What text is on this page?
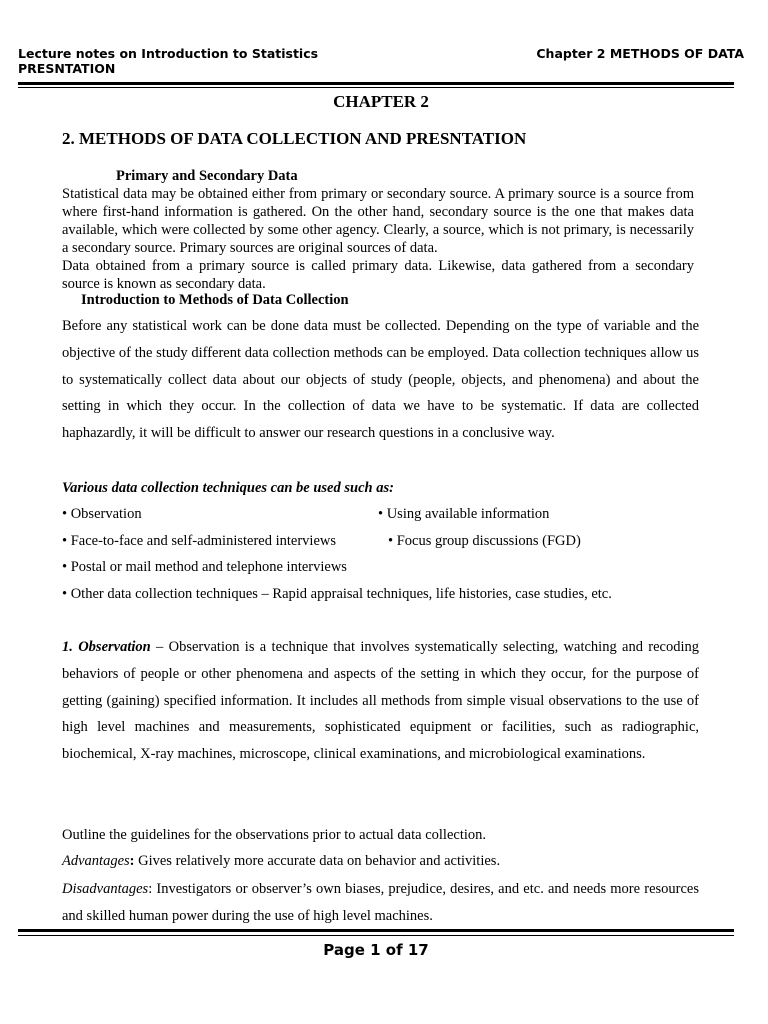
Lecture notes on Introduction to Statistics PRESNTATION
Chapter 2 METHODS OF DATA
CHAPTER 2
2. METHODS OF DATA COLLECTION AND PRESNTATION
Primary and Secondary Data

Statistical data may be obtained either from primary or secondary source. A primary source is a source from where first-hand information is gathered. On the other hand, secondary source is the one that makes data available, which were collected by some other agency. Clearly, a source, which is not primary, is necessarily a secondary source. Primary sources are original sources of data.

Data obtained from a primary source is called primary data. Likewise, data gathered from a secondary source is known as secondary data.

Introduction to Methods of Data Collection

Before any statistical work can be done data must be collected. Depending on the type of variable and the objective of the study different data collection methods can be employed. Data collection techniques allow us to systematically collect data about our objects of study (people, objects, and phenomena) and about the setting in which they occur. In the collection of data we have to be systematic. If data are collected haphazardly, it will be difficult to answer our research questions in a conclusive way.

Various data collection techniques can be used such as:
• Observation	• Using available information
• Face-to-face and self-administered interviews	• Focus group discussions (FGD)
• Postal or mail method and telephone interviews
• Other data collection techniques – Rapid appraisal techniques, life histories, case studies, etc.

1. Observation – Observation is a technique that involves systematically selecting, watching and recoding behaviors of people or other phenomena and aspects of the setting in which they occur, for the purpose of getting (gaining) specified information. It includes all methods from simple visual observations to the use of high level machines and measurements, sophisticated equipment or facilities, such as radiographic, biochemical, X-ray machines, microscope, clinical examinations, and microbiological examinations.

Outline the guidelines for the observations prior to actual data collection.
Advantages: Gives relatively more accurate data on behavior and activities.

Disadvantages: Investigators or observer’s own biases, prejudice, desires, and etc. and needs more resources and skilled human power during the use of high level machines.

Page 1 of 17
